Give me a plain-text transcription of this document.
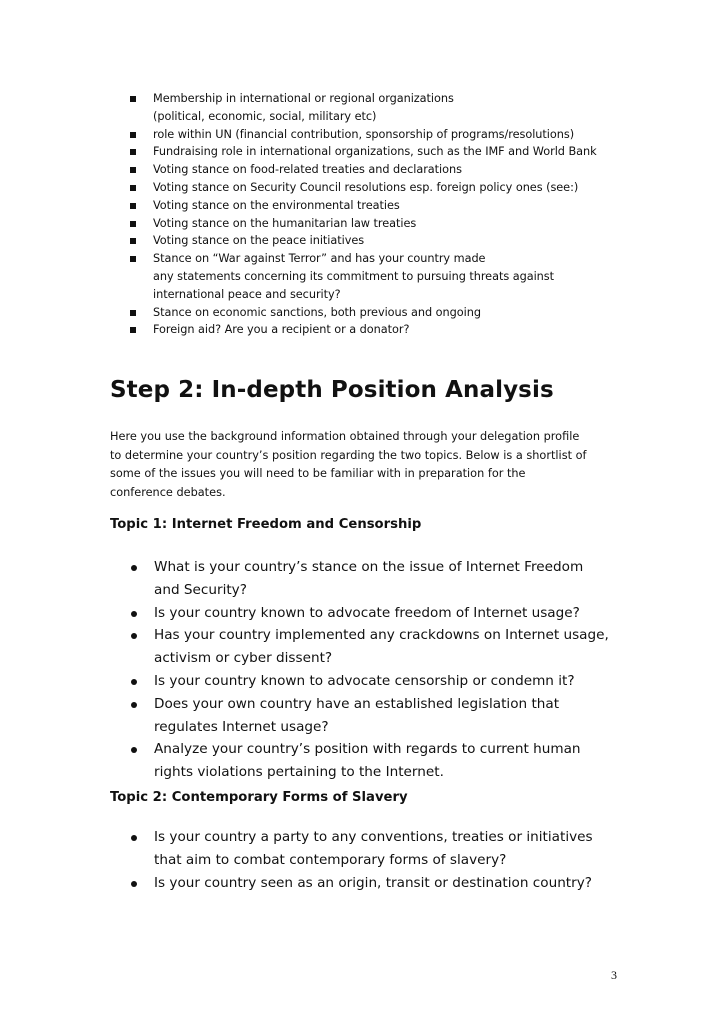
Membership in international or regional organizations
(political, economic, social, military etc)
role within UN (financial contribution, sponsorship of programs/resolutions)
Fundraising role in international organizations, such as the IMF and World Bank
Voting stance on food-related treaties and declarations
Voting stance on Security Council resolutions esp. foreign policy ones (see:)
Voting stance on the environmental treaties
Voting stance on the humanitarian law treaties
Voting stance on the peace initiatives
Stance on “War against Terror” and has your country made
any statements concerning its commitment to pursuing threats against
international peace and security?
Stance on economic sanctions, both previous and ongoing
Foreign aid? Are you a recipient or a donator?
Step 2: In-depth Position Analysis

Here you use the background information obtained through your delegation profile
to determine your country’s position regarding the two topics. Below is a shortlist of
some of the issues you will need to be familiar with in preparation for the
conference debates.

Topic 1: Internet Freedom and Censorship
What is your country’s stance on the issue of Internet Freedom
and Security?
Is your country known to advocate freedom of Internet usage?
Has your country implemented any crackdowns on Internet usage,
activism or cyber dissent?
Is your country known to advocate censorship or condemn it?
Does your own country have an established legislation that
regulates Internet usage?
Analyze your country’s position with regards to current human
rights violations pertaining to the Internet.
Topic 2: Contemporary Forms of Slavery
Is your country a party to any conventions, treaties or initiatives
that aim to combat contemporary forms of slavery?
Is your country seen as an origin, transit or destination country?

3
